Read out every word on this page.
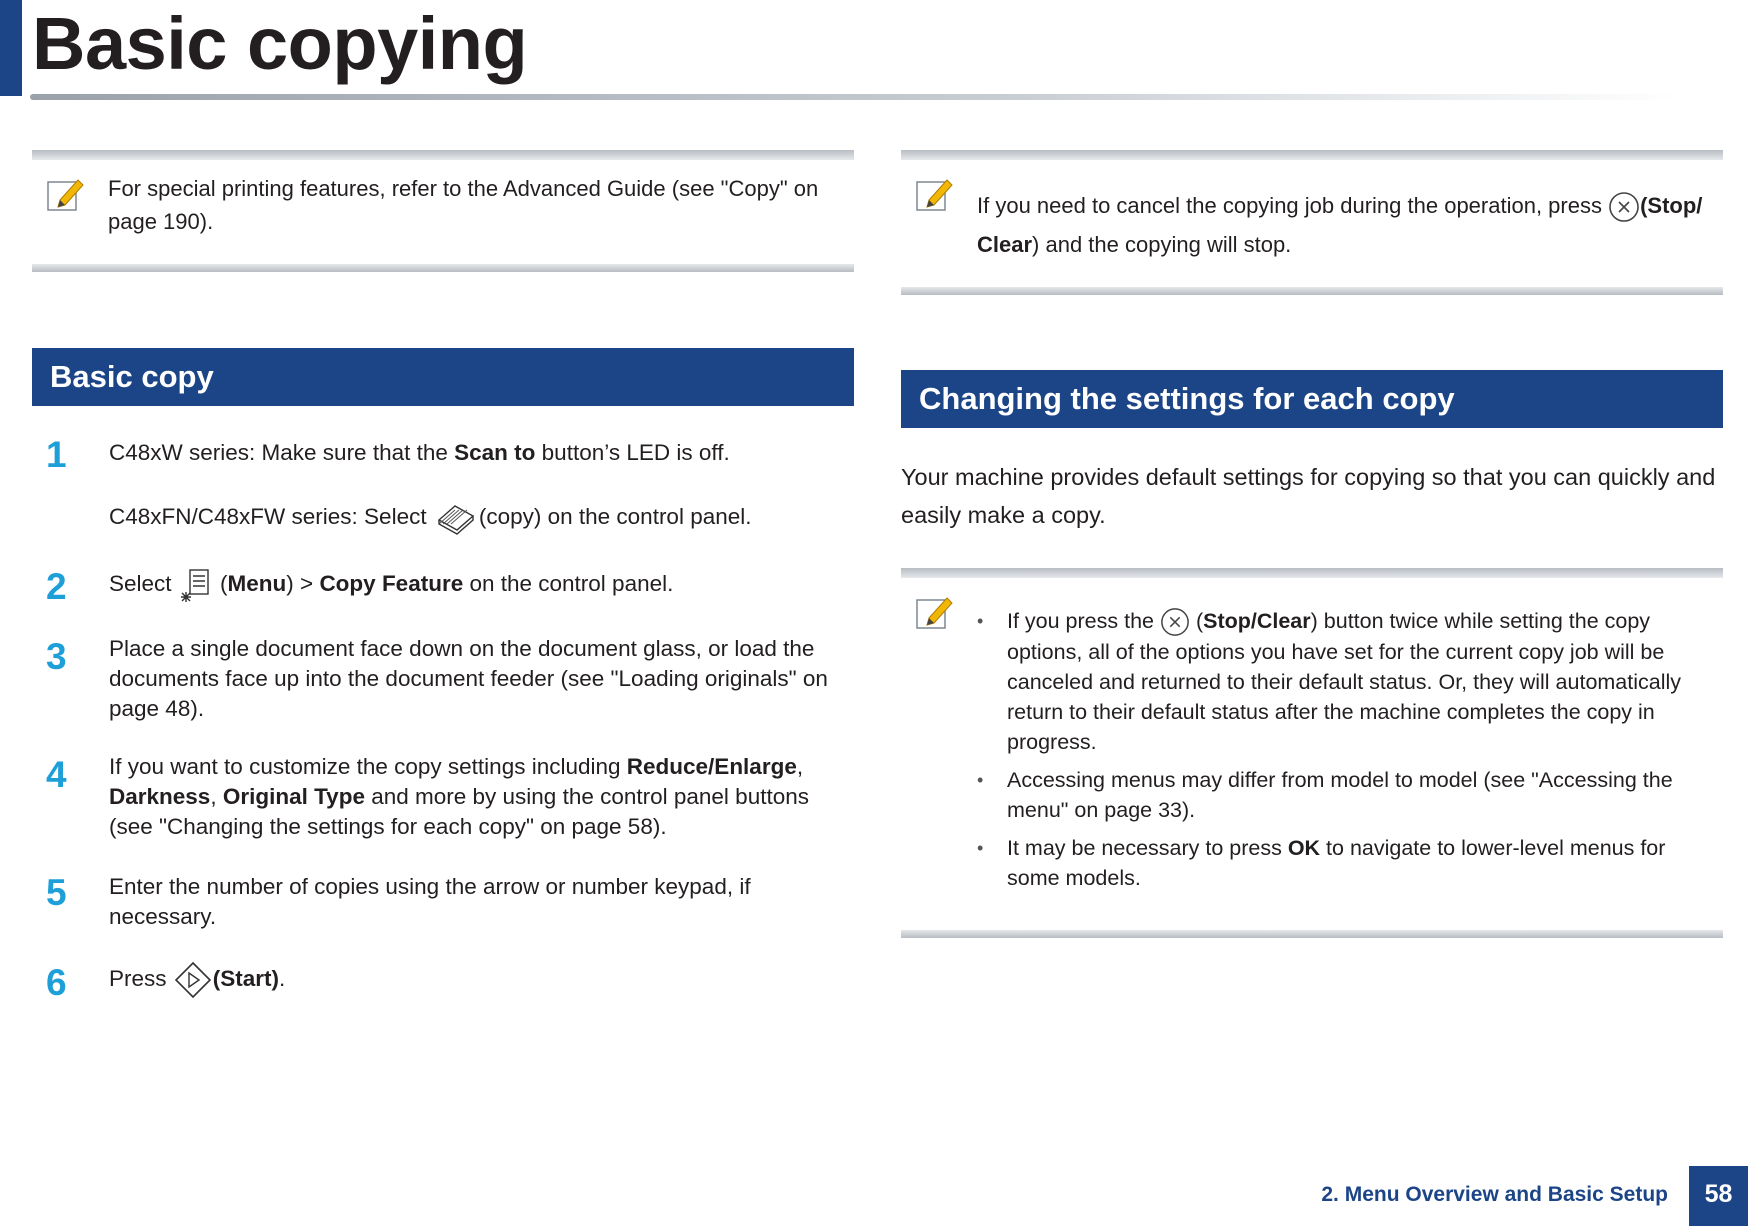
Basic copying
For special printing features, refer to the Advanced Guide (see "Copy" on page 190).
If you need to cancel the copying job during the operation, press (Stop/ Clear) and the copying will stop.
Basic copy
1	C48xW series: Make sure that the Scan to button’s LED is off.
C48xFN/C48xFW series: Select (copy) on the control panel.
2	Select  (Menu) > Copy Feature on the control panel.
3	Place a single document face down on the document glass, or load the documents face up into the document feeder (see "Loading originals" on page 48).
4	If you want to customize the copy settings including Reduce/Enlarge, Darkness, Original Type and more by using the control panel buttons (see "Changing the settings for each copy" on page 58).
5	Enter the number of copies using the arrow or number keypad, if necessary.
6	Press (Start).
Changing the settings for each copy
Your machine provides default settings for copying so that you can quickly and easily make a copy.
• If you press the  (Stop/Clear) button twice while setting the copy options, all of the options you have set for the current copy job will be canceled and returned to their default status. Or, they will automatically return to their default status after the machine completes the copy in progress.
• Accessing menus may differ from model to model (see "Accessing the menu" on page 33).
• It may be necessary to press OK to navigate to lower-level menus for some models.
2. Menu Overview and Basic Setup	58
